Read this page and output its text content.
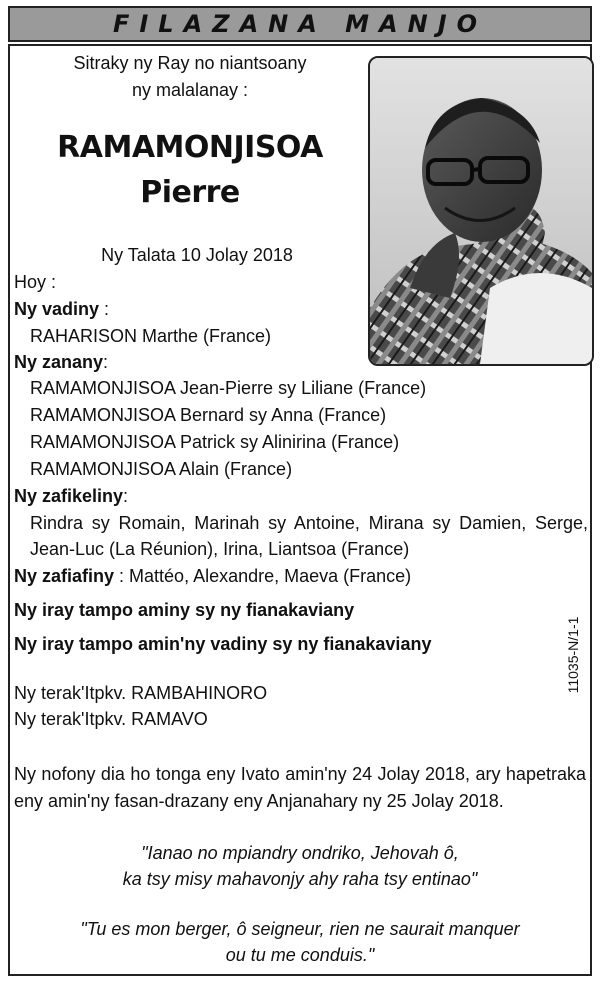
FILAZANA MANJO
Sitraky ny Ray no niantsoany
ny malalanay :
RAMAMONJISOA
Pierre
Ny Talata 10 Jolay 2018
Hoy :
Ny vadiny :
RAHARISON Marthe (France)
Ny zanany:
RAMAMONJISOA Jean-Pierre sy Liliane (France)
RAMAMONJISOA Bernard sy Anna (France)
RAMAMONJISOA Patrick sy Alinirina (France)
RAMAMONJISOA Alain (France)
Ny zafikeliny:
Rindra sy Romain, Marinah sy Antoine, Mirana sy Damien, Serge,
Jean-Luc (La Réunion), Irina, Liantsoa (France)
Ny zafiafiny : Mattéo, Alexandre, Maeva (France)
Ny iray tampo aminy sy ny fianakaviany
Ny iray tampo amin'ny vadiny sy ny fianakaviany	11035-N/1-1
Ny terak'Itpkv. RAMBAHINORO
Ny terak'Itpkv. RAMAVO
Ny nofony dia ho tonga eny Ivato amin'ny 24 Jolay 2018, ary hapetraka
eny amin'ny fasan-drazany eny Anjanahary ny 25 Jolay 2018.
"Ianao no mpiandry ondriko, Jehovah ô,
ka tsy misy mahavonjy ahy raha tsy entinao"
"Tu es mon berger, ô seigneur, rien ne saurait manquer
ou tu me conduis."
